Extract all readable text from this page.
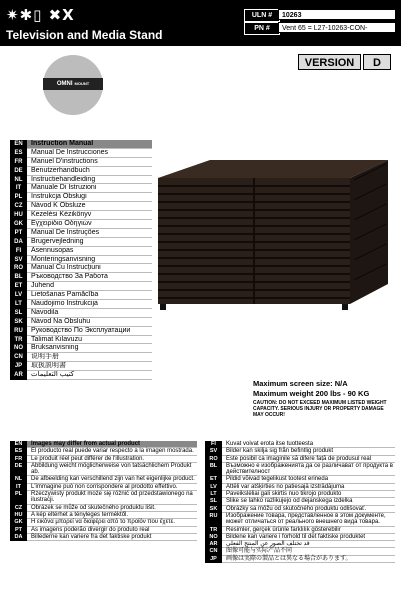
✷✱▯ ✖X
Television and Media Stand
ULN #	10263
PN #	Vent 65 = L27-10263-CON-021009vD
VERSION	D
OMNI MOUNT
EN	Instruction Manual
ES	Manual De Instrucciones
FR	Manuel D'instructions
DE	Benutzerhandbuch
NL	Instructiehandleiding
IT	Manuale Di Istruzioni
PL	Instrukcja Obsługi
CZ	Návod K Obsluze
HU	Kezelési Kézikönyv
GK	Εγχειρίδιο Οδηγιών
PT	Manual De Instruções
DA	Brugervejledning
FI	Asennusopas
SV	Monteringsanvisning
RO	Manual Cu Instrucțiuni
BL	Ръководство За Работа
ET	Juhend
LV	Lietošanas Pamācība
LT	Naudojimo Instrukcija
SL	Navodila
SK	Návod Na Obsluhu
RU	Руководство По Эксплуатации
TR	Talimat Kılavuzu
NO	Bruksanvisning
CN	说明手册
JP	取扱説明書
AR	كتيب التعليمات
Maximum screen size: N/A
Maximum weight 200 lbs - 90 KG
CAUTION: DO NOT EXCEED MAXIMUM LISTED WEIGHT CAPACITY. SERIOUS INJURY OR PROPERTY DAMAGE MAY OCCUR!
EN	Images may differ from actual product
ES	El producto real puede variar respecto a la imagen mostrada.
FR	Le produit réel peut différer de l'illustration.
DE	Abbildung weicht möglicherweise von tatsächlichem Produkt ab.
NL	De afbeelding kan verschillend zijn van het eigenlijke product.
IT	L'immagine può non corrispondere al prodotto effettivo.
PL	Rzeczywisty produkt może się różnić od przedstawionego na ilustracji.
CZ	Obrázek se může od skutečného produktu lišit.
HU	A kép eltérhet a tényleges terméktől.
GK	Η εικόνα μπορεί να διαφέρει από το προϊόν που έχετε.
PT	As imagens poderão divergir do produto real
DA	Billederne kan variere fra det faktiske produkt
FI	Kuvat voivat erota itse tuotteesta
SV	Bilder kan skilja sig från befintlig produkt
RO	Este posibil ca imaginile să difere față de produsul real
BL	Възможно е изображенията да се различават от продукта в действителност
ET	Pildid võivad tegelikust tootest erineda
LV	Attēli var atšķirties no patiesajā izstrādājuma
LT	Paveikslėliai gali skirtis nuo tikrojo produkto
SL	Slike se lahko razlikujejo od dejanskega izdelka
SK	Obrázky sa môžu od skutočného produktu odlišovať.
RU	Изображение товара, представленное в этом документе, может отличаться от реального внешнего вида товара.
TR	Resimler, gerçek ürünle farklılık gösterebilir
NO	Bildene kan variere i forhold til det faktiske produktet
AR	قد تختلف الصور عن المنتج الفعلي
CN	图像可能与实际产品不同
JP	画像は実際の製品とは異なる場合があります。
